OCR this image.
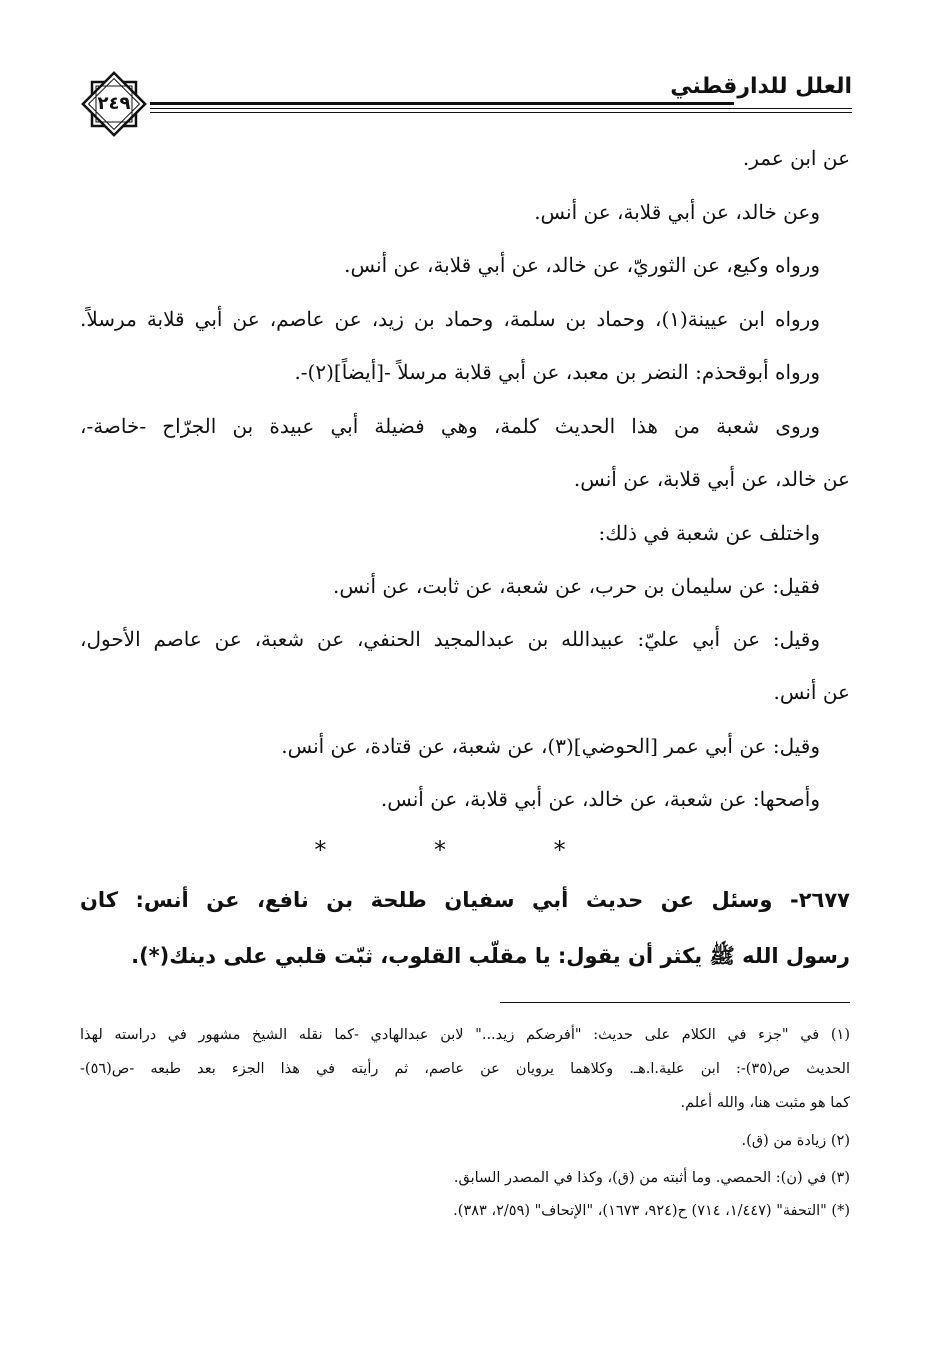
العلل للدارقطني
٢٤٩
عن ابن عمر.
وعن خالد، عن أبي قلابة، عن أنس.
ورواه وكيع، عن الثوريّ، عن خالد، عن أبي قلابة، عن أنس.
ورواه ابن عيينة(١)، وحماد بن سلمة، وحماد بن زيد، عن عاصم، عن أبي قلابة مرسلاً.
ورواه أبوقحذم: النضر بن معبد، عن أبي قلابة مرسلاً -[أيضاً](٢)-.
وروى شعبة من هذا الحديث كلمة، وهي فضيلة أبي عبيدة بن الجرّاح -خاصة-،
عن خالد، عن أبي قلابة، عن أنس.
واختلف عن شعبة في ذلك:
فقيل: عن سليمان بن حرب، عن شعبة، عن ثابت، عن أنس.
وقيل: عن أبي عليّ: عبيدالله بن عبدالمجيد الحنفي، عن شعبة، عن عاصم الأحول،
عن أنس.
وقيل: عن أبي عمر [الحوضي](٣)، عن شعبة، عن قتادة، عن أنس.
وأصحها: عن شعبة، عن خالد، عن أبي قلابة، عن أنس.
* * *
٢٦٧٧- وسئل عن حديث أبي سفيان طلحة بن نافع، عن أنس: كان
رسول الله ﷺ يكثر أن يقول: يا مقلّب القلوب، ثبّت قلبي على دينك(*).
(١) في "جزء في الكلام على حديث: "أفرضكم زيد..." لابن عبدالهادي -كما نقله الشيخ مشهور في دراسته لهذا
الحديث ص(٣٥)-: ابن علية.ا.هـ. وكلاهما يرويان عن عاصم، ثم رأيته في هذا الجزء بعد طبعه -ص(٥٦)-
كما هو مثبت هنا، والله أعلم.
(٢) زيادة من (ق).
(٣) في (ن): الحمصي. وما أثبته من (ق)، وكذا في المصدر السابق.
(*) "التحفة" (١/٤٤٧، ٧١٤) ح(٩٢٤، ١٦٧٣)، "الإتحاف" (٢/٥٩، ٣٨٣).
